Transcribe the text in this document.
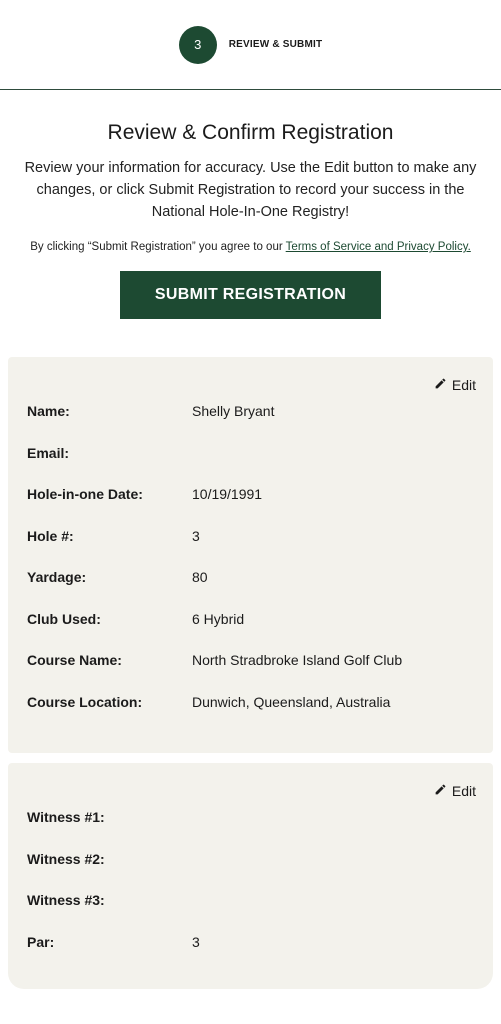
3	REVIEW & SUBMIT
Review & Confirm Registration

Review your information for accuracy. Use the Edit button to make any changes, or click Submit Registration to record your success in the National Hole-In-One Registry!

By clicking “Submit Registration” you agree to our Terms of Service and Privacy Policy.

SUBMIT REGISTRATION
Edit
Name:	Shelly Bryant
Email:
Hole-in-one Date:	10/19/1991
Hole #:	3
Yardage:	80
Club Used:	6 Hybrid
Course Name:	North Stradbroke Island Golf Club
Course Location:	Dunwich, Queensland, Australia
Edit
Witness #1:
Witness #2:
Witness #3:
Par:	3
